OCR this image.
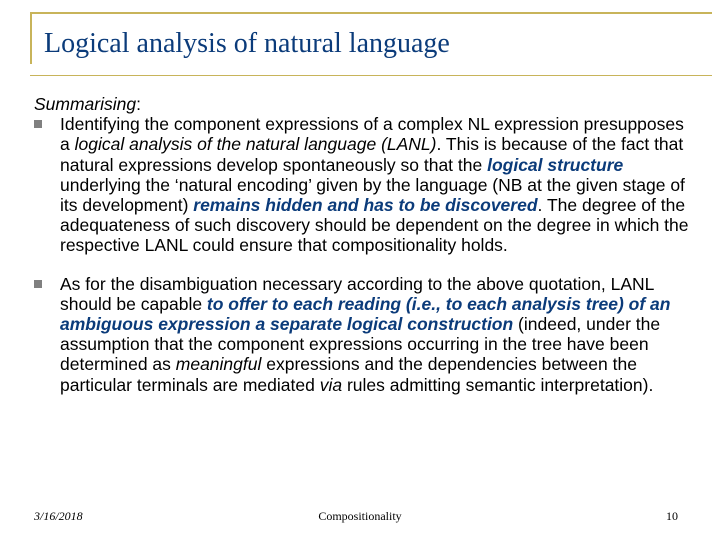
Logical analysis of natural language
Summarising:
Identifying the component expressions of a complex NL expression presupposes a logical analysis of the natural language (LANL). This is because of the fact that natural expressions develop spontaneously so that the logical structure underlying the ‘natural encoding’ given by the language (NB at the given stage of its development) remains hidden and has to be discovered. The degree of the adequateness of such discovery should be dependent on the degree in which the respective LANL could ensure that compositionality holds.
As for the disambiguation necessary according to the above quotation, LANL should be capable to offer to each reading (i.e., to each analysis tree) of an ambiguous expression a separate logical construction (indeed, under the assumption that the component expressions occurring in the tree have been determined as meaningful expressions and the dependencies between the particular terminals are mediated via rules admitting semantic interpretation).
3/16/2018	Compositionality	10
